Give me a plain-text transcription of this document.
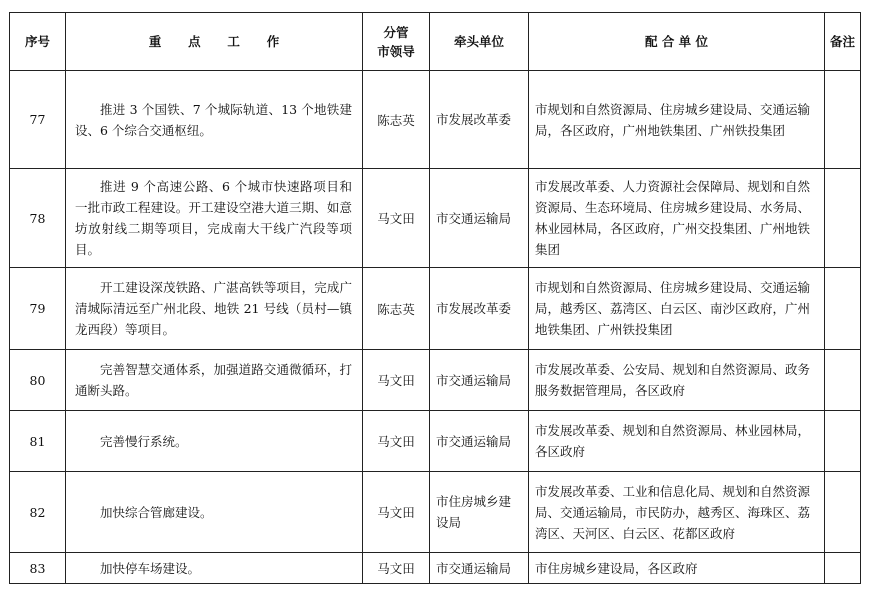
序号	重 点 工 作	分管
市领导	牵头单位	配 合 单 位	备注
77	推进 3 个国铁、7 个城际轨道、13 个地铁建设、6 个综合交通枢纽。	陈志英	市发展改革委	市规划和自然资源局、住房城乡建设局、交通运输局，各区政府，广州地铁集团、广州铁投集团	
78	推进 9 个高速公路、6 个城市快速路项目和一批市政工程建设。开工建设空港大道三期、如意坊放射线二期等项目，完成南大干线广汽段等项目。	马文田	市交通运输局	市发展改革委、人力资源社会保障局、规划和自然资源局、生态环境局、住房城乡建设局、水务局、林业园林局，各区政府，广州交投集团、广州地铁集团	
79	开工建设深茂铁路、广湛高铁等项目，完成广清城际清远至广州北段、地铁 21 号线（员村—镇龙西段）等项目。	陈志英	市发展改革委	市规划和自然资源局、住房城乡建设局、交通运输局，越秀区、荔湾区、白云区、南沙区政府，广州地铁集团、广州铁投集团	
80	完善智慧交通体系，加强道路交通微循环，打通断头路。	马文田	市交通运输局	市发展改革委、公安局、规划和自然资源局、政务服务数据管理局，各区政府	
81	完善慢行系统。	马文田	市交通运输局	市发展改革委、规划和自然资源局、林业园林局，各区政府	
82	加快综合管廊建设。	马文田	市住房城乡建设局	市发展改革委、工业和信息化局、规划和自然资源局、交通运输局，市民防办，越秀区、海珠区、荔湾区、天河区、白云区、花都区政府	
83	加快停车场建设。	马文田	市交通运输局	市住房城乡建设局，各区政府	
